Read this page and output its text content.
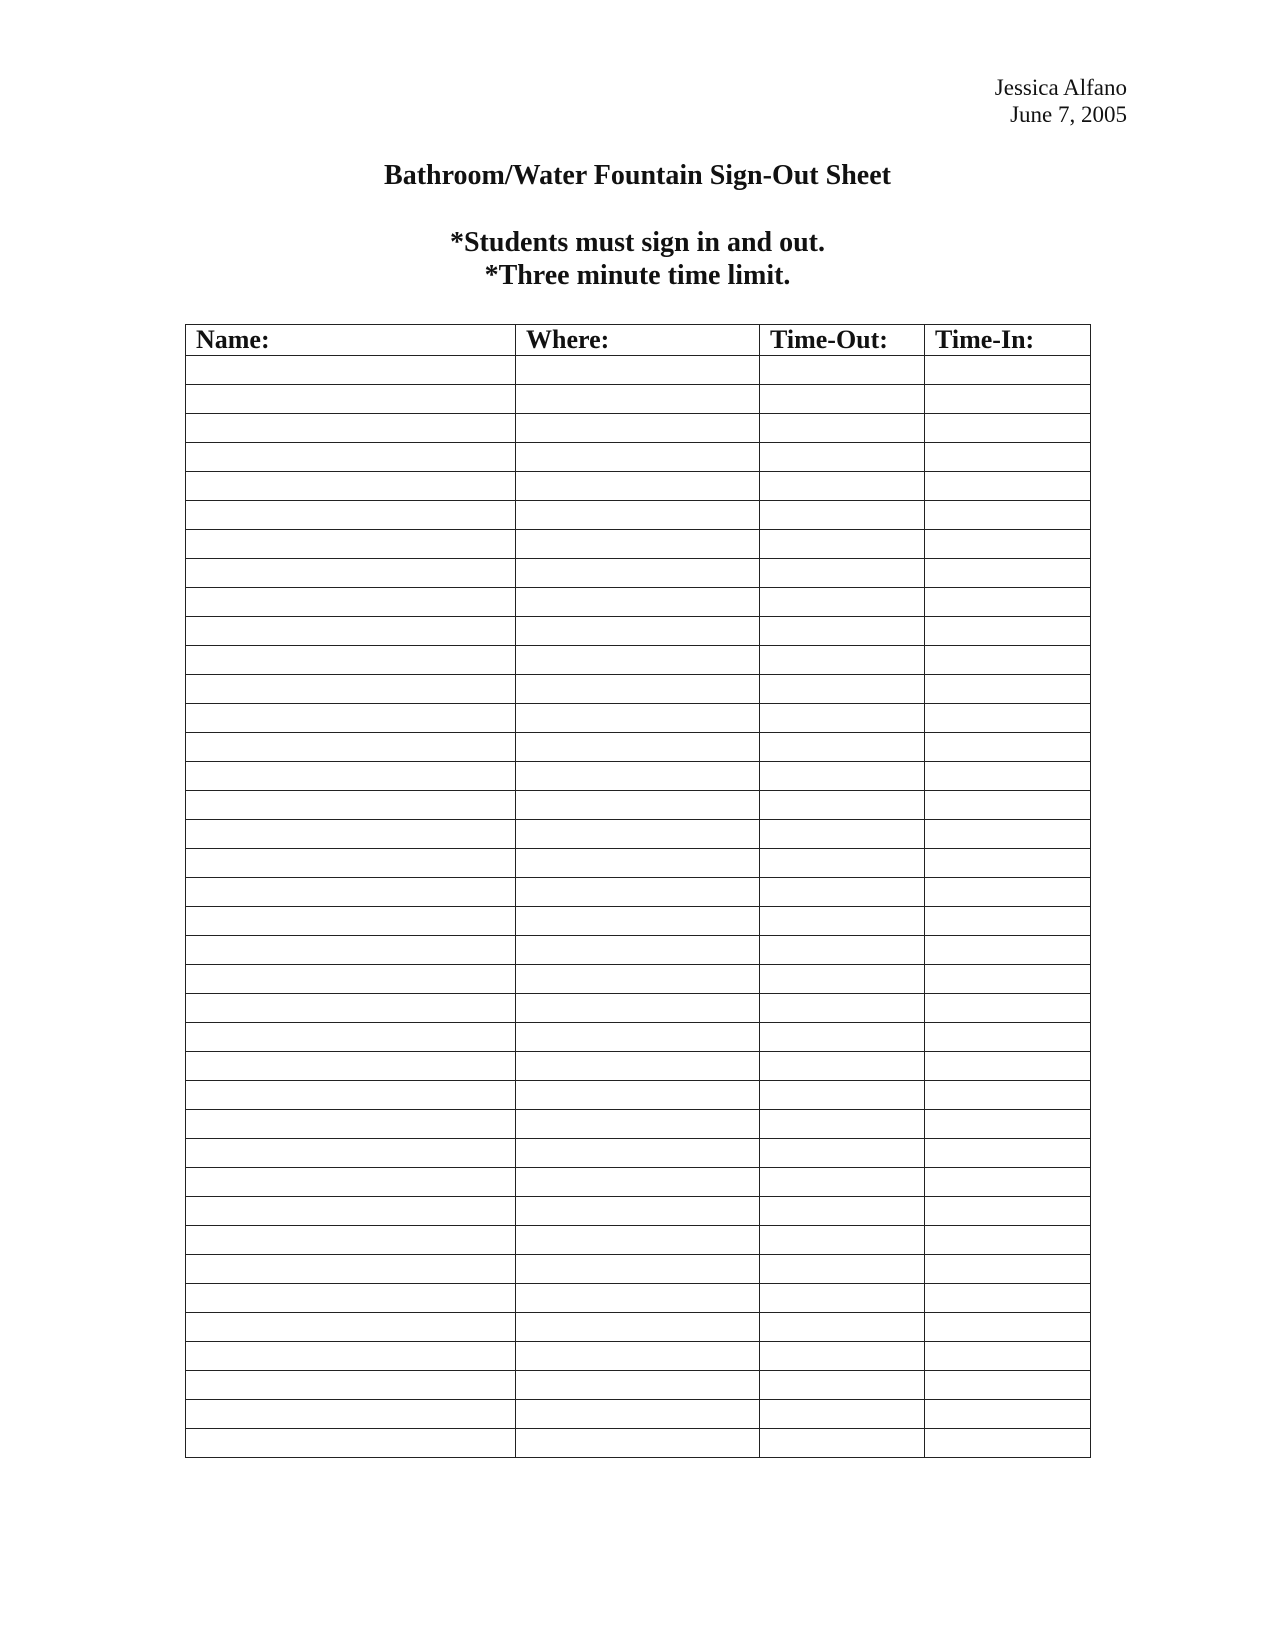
Jessica Alfano
June 7, 2005
Bathroom/Water Fountain Sign-Out Sheet
*Students must sign in and out.
*Three minute time limit.
Name:	Where:	Time-Out:	Time-In:
